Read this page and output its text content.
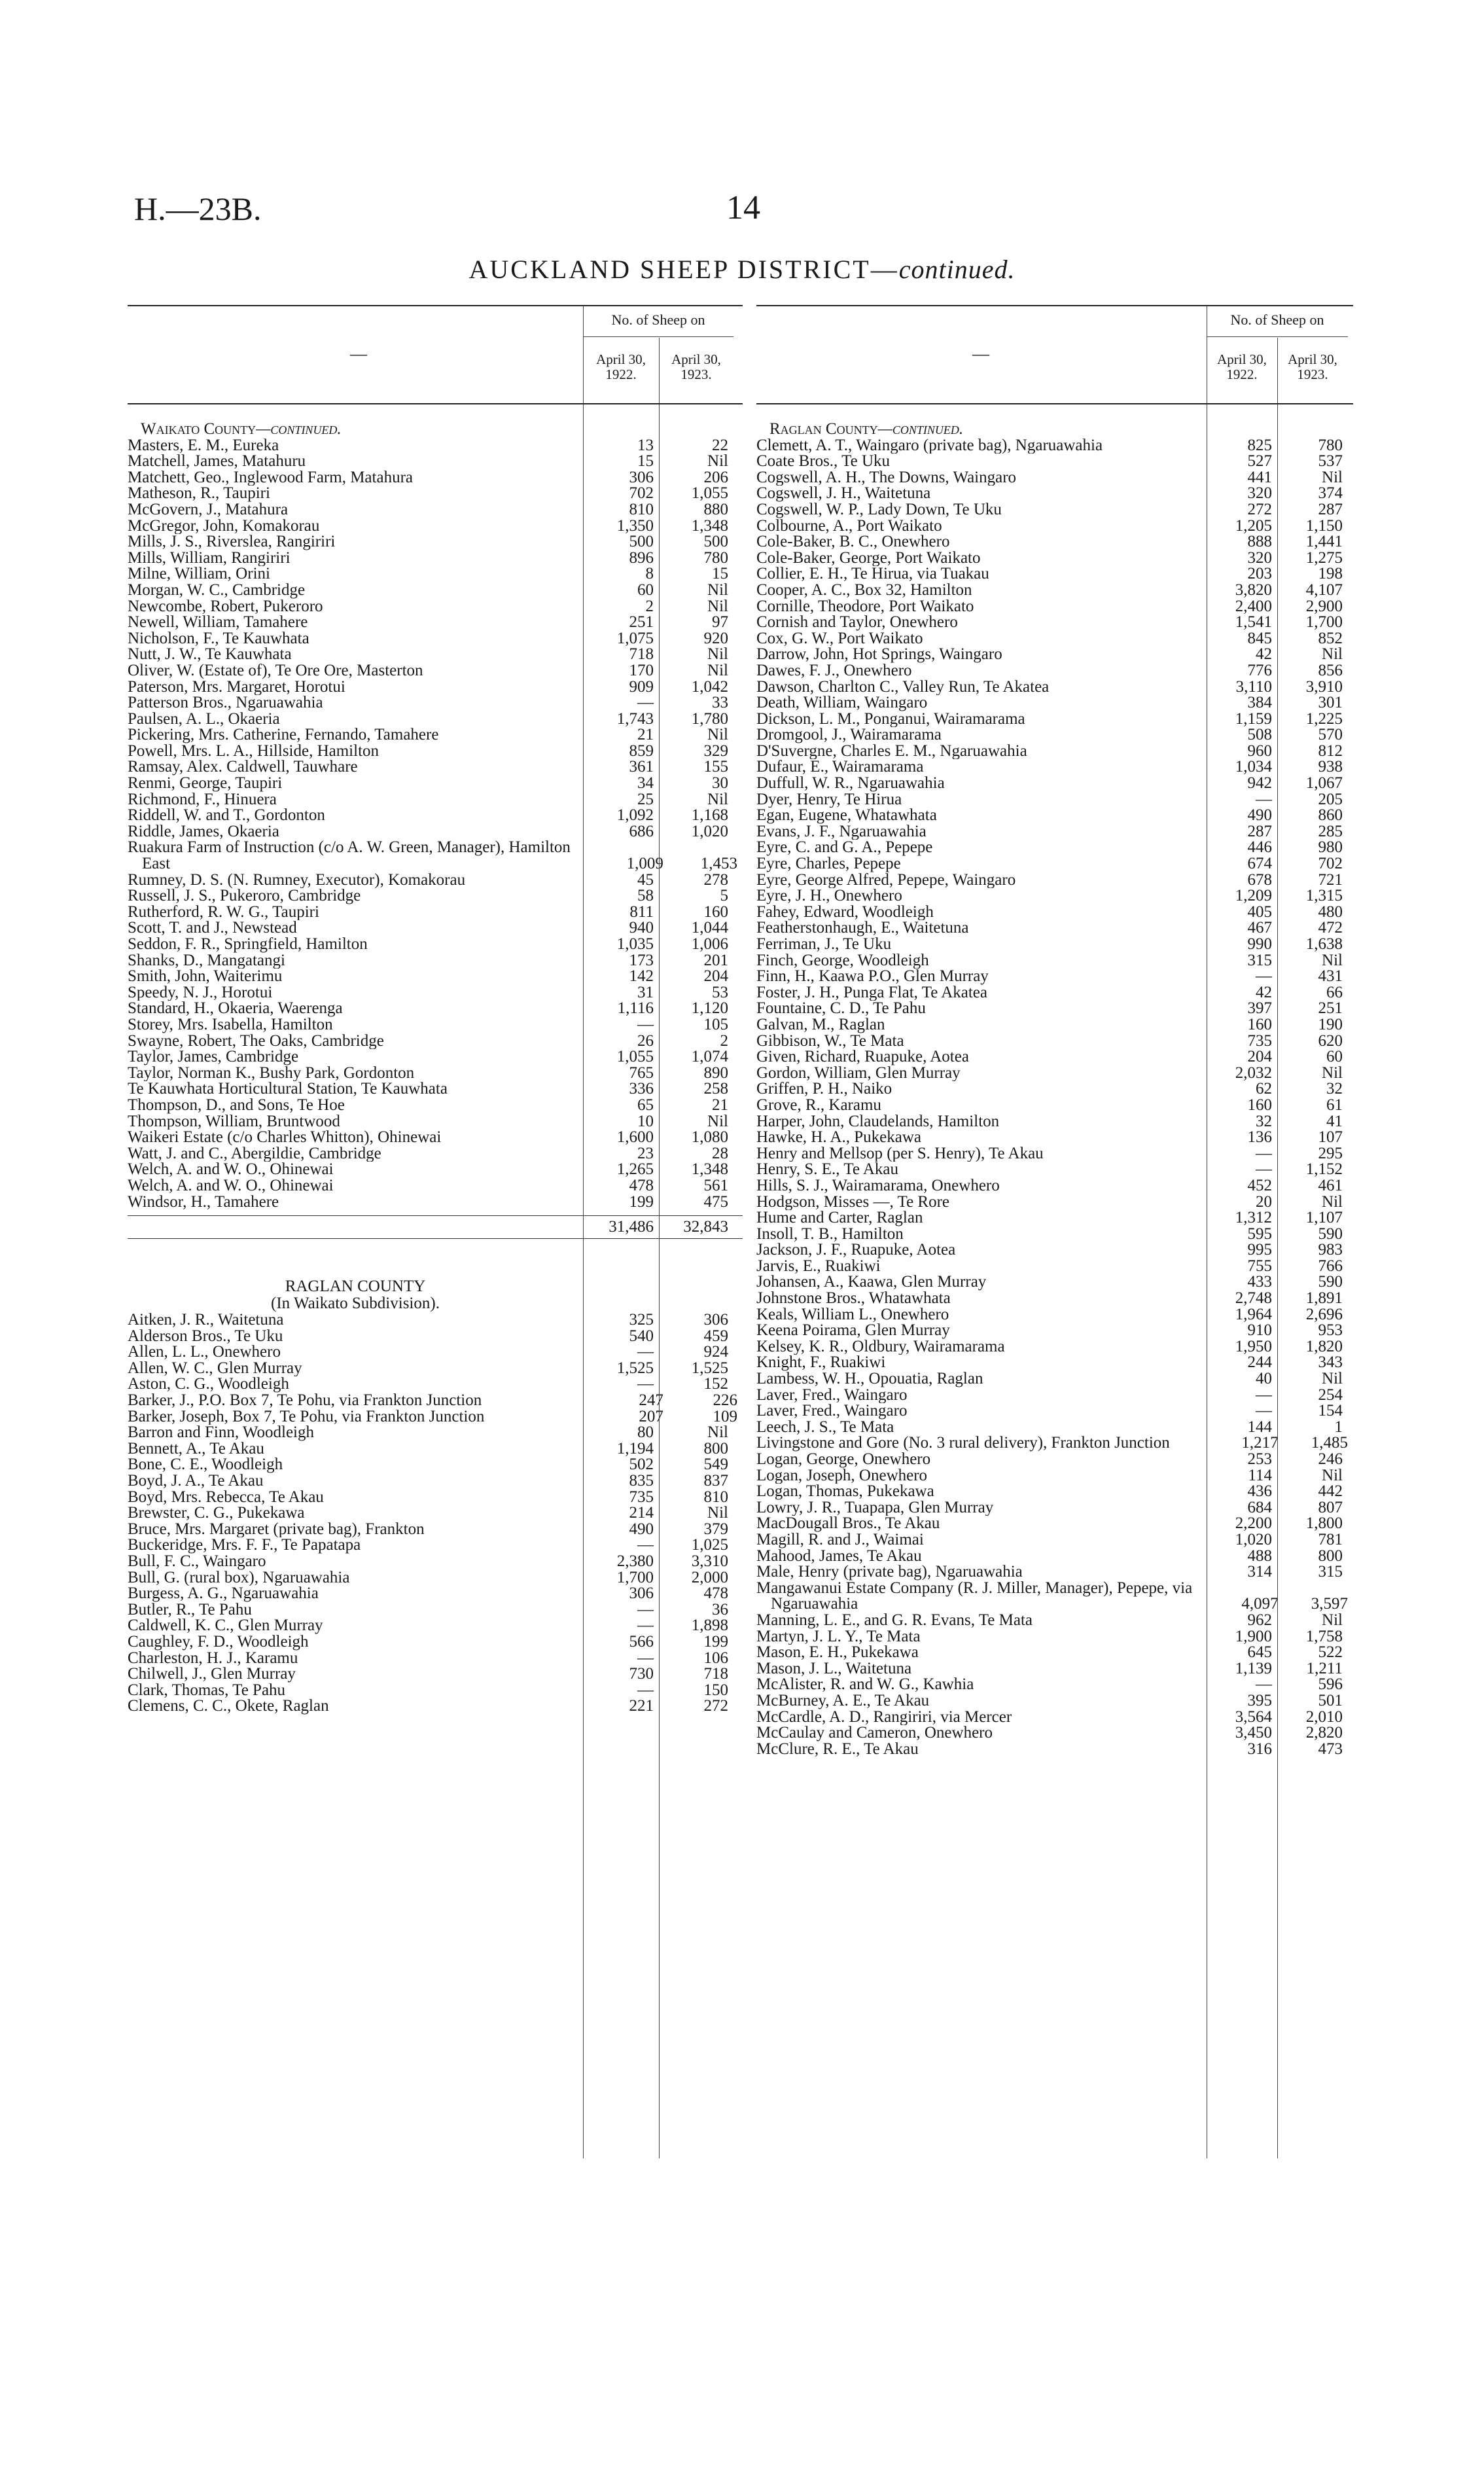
H.—23B.	14
AUCKLAND SHEEP DISTRICT—continued.
—
No. of Sheep on
April 30, 1922.
April 30, 1923.
Waikato County—continued.
Masters, E. M., Eureka	13	22
Matchell, James, Matahuru	15	Nil
Matchett, Geo., Inglewood Farm, Matahura	306	206
Matheson, R., Taupiri	702	1,055
McGovern, J., Matahura	810	880
McGregor, John, Komakorau	1,350	1,348
Mills, J. S., Riverslea, Rangiriri	500	500
Mills, William, Rangiriri	896	780
Milne, William, Orini	8	15
Morgan, W. C., Cambridge	60	Nil
Newcombe, Robert, Pukeroro	2	Nil
Newell, William, Tamahere	251	97
Nicholson, F., Te Kauwhata	1,075	920
Nutt, J. W., Te Kauwhata	718	Nil
Oliver, W. (Estate of), Te Ore Ore, Masterton	170	Nil
Paterson, Mrs. Margaret, Horotui	909	1,042
Patterson Bros., Ngaruawahia	—	33
Paulsen, A. L., Okaeria	1,743	1,780
Pickering, Mrs. Catherine, Fernando, Tamahere	21	Nil
Powell, Mrs. L. A., Hillside, Hamilton	859	329
Ramsay, Alex. Caldwell, Tauwhare	361	155
Renmi, George, Taupiri	34	30
Richmond, F., Hinuera	25	Nil
Riddell, W. and T., Gordonton	1,092	1,168
Riddle, James, Okaeria	686	1,020
Ruakura Farm of Instruction (c/o A. W. Green, Manager), Hamilton East	1,009	1,453
Rumney, D. S. (N. Rumney, Executor), Komakorau	45	278
Russell, J. S., Pukeroro, Cambridge	58	5
Rutherford, R. W. G., Taupiri	811	160
Scott, T. and J., Newstead	940	1,044
Seddon, F. R., Springfield, Hamilton	1,035	1,006
Shanks, D., Mangatangi	173	201
Smith, John, Waiterimu	142	204
Speedy, N. J., Horotui	31	53
Standard, H., Okaeria, Waerenga	1,116	1,120
Storey, Mrs. Isabella, Hamilton	—	105
Swayne, Robert, The Oaks, Cambridge	26	2
Taylor, James, Cambridge	1,055	1,074
Taylor, Norman K., Bushy Park, Gordonton	765	890
Te Kauwhata Horticultural Station, Te Kauwhata	336	258
Thompson, D., and Sons, Te Hoe	65	21
Thompson, William, Bruntwood	10	Nil
Waikeri Estate (c/o Charles Whitton), Ohinewai	1,600	1,080
Watt, J. and C., Abergildie, Cambridge	23	28
Welch, A. and W. O., Ohinewai	1,265	1,348
Welch, A. and W. O., Ohinewai	478	561
Windsor, H., Tamahere	199	475
31,486	32,843
RAGLAN COUNTY
(In Waikato Subdivision).
Aitken, J. R., Waitetuna	325	306
Alderson Bros., Te Uku	540	459
Allen, L. L., Onewhero	—	924
Allen, W. C., Glen Murray	1,525	1,525
Aston, C. G., Woodleigh	—	152
Barker, J., P.O. Box 7, Te Pohu, via Frankton Junction	247	226
Barker, Joseph, Box 7, Te Pohu, via Frankton Junction	207	109
Barron and Finn, Woodleigh	80	Nil
Bennett, A., Te Akau	1,194	800
Bone, C. E., Woodleigh	502	549
Boyd, J. A., Te Akau	835	837
Boyd, Mrs. Rebecca, Te Akau	735	810
Brewster, C. G., Pukekawa	214	Nil
Bruce, Mrs. Margaret (private bag), Frankton	490	379
Buckeridge, Mrs. F. F., Te Papatapa	—	1,025
Bull, F. C., Waingaro	2,380	3,310
Bull, G. (rural box), Ngaruawahia	1,700	2,000
Burgess, A. G., Ngaruawahia	306	478
Butler, R., Te Pahu	—	36
Caldwell, K. C., Glen Murray	—	1,898
Caughley, F. D., Woodleigh	566	199
Charleston, H. J., Karamu	—	106
Chilwell, J., Glen Murray	730	718
Clark, Thomas, Te Pahu	—	150
Clemens, C. C., Okete, Raglan	221	272
—
No. of Sheep on
April 30, 1922.
April 30, 1923.
Raglan County—continued.
Clemett, A. T., Waingaro (private bag), Ngaruawahia	825	780
Coate Bros., Te Uku	527	537
Cogswell, A. H., The Downs, Waingaro	441	Nil
Cogswell, J. H., Waitetuna	320	374
Cogswell, W. P., Lady Down, Te Uku	272	287
Colbourne, A., Port Waikato	1,205	1,150
Cole-Baker, B. C., Onewhero	888	1,441
Cole-Baker, George, Port Waikato	320	1,275
Collier, E. H., Te Hirua, via Tuakau	203	198
Cooper, A. C., Box 32, Hamilton	3,820	4,107
Cornille, Theodore, Port Waikato	2,400	2,900
Cornish and Taylor, Onewhero	1,541	1,700
Cox, G. W., Port Waikato	845	852
Darrow, John, Hot Springs, Waingaro	42	Nil
Dawes, F. J., Onewhero	776	856
Dawson, Charlton C., Valley Run, Te Akatea	3,110	3,910
Death, William, Waingaro	384	301
Dickson, L. M., Ponganui, Wairamarama	1,159	1,225
Dromgool, J., Wairamarama	508	570
D'Suvergne, Charles E. M., Ngaruawahia	960	812
Dufaur, E., Wairamarama	1,034	938
Duffull, W. R., Ngaruawahia	942	1,067
Dyer, Henry, Te Hirua	—	205
Egan, Eugene, Whatawhata	490	860
Evans, J. F., Ngaruawahia	287	285
Eyre, C. and G. A., Pepepe	446	980
Eyre, Charles, Pepepe	674	702
Eyre, George Alfred, Pepepe, Waingaro	678	721
Eyre, J. H., Onewhero	1,209	1,315
Fahey, Edward, Woodleigh	405	480
Featherstonhaugh, E., Waitetuna	467	472
Ferriman, J., Te Uku	990	1,638
Finch, George, Woodleigh	315	Nil
Finn, H., Kaawa P.O., Glen Murray	—	431
Foster, J. H., Punga Flat, Te Akatea	42	66
Fountaine, C. D., Te Pahu	397	251
Galvan, M., Raglan	160	190
Gibbison, W., Te Mata	735	620
Given, Richard, Ruapuke, Aotea	204	60
Gordon, William, Glen Murray	2,032	Nil
Griffen, P. H., Naiko	62	32
Grove, R., Karamu	160	61
Harper, John, Claudelands, Hamilton	32	41
Hawke, H. A., Pukekawa	136	107
Henry and Mellsop (per S. Henry), Te Akau	—	295
Henry, S. E., Te Akau	—	1,152
Hills, S. J., Wairamarama, Onewhero	452	461
Hodgson, Misses —, Te Rore	20	Nil
Hume and Carter, Raglan	1,312	1,107
Insoll, T. B., Hamilton	595	590
Jackson, J. F., Ruapuke, Aotea	995	983
Jarvis, E., Ruakiwi	755	766
Johansen, A., Kaawa, Glen Murray	433	590
Johnstone Bros., Whatawhata	2,748	1,891
Keals, William L., Onewhero	1,964	2,696
Keena Poirama, Glen Murray	910	953
Kelsey, K. R., Oldbury, Wairamarama	1,950	1,820
Knight, F., Ruakiwi	244	343
Lambess, W. H., Opouatia, Raglan	40	Nil
Laver, Fred., Waingaro	—	254
Laver, Fred., Waingaro	—	154
Leech, J. S., Te Mata	144	1
Livingstone and Gore (No. 3 rural delivery), Frankton Junction	1,217	1,485
Logan, George, Onewhero	253	246
Logan, Joseph, Onewhero	114	Nil
Logan, Thomas, Pukekawa	436	442
Lowry, J. R., Tuapapa, Glen Murray	684	807
MacDougall Bros., Te Akau	2,200	1,800
Magill, R. and J., Waimai	1,020	781
Mahood, James, Te Akau	488	800
Male, Henry (private bag), Ngaruawahia	314	315
Mangawanui Estate Company (R. J. Miller, Manager), Pepepe, via Ngaruawahia	4,097	3,597
Manning, L. E., and G. R. Evans, Te Mata	962	Nil
Martyn, J. L. Y., Te Mata	1,900	1,758
Mason, E. H., Pukekawa	645	522
Mason, J. L., Waitetuna	1,139	1,211
McAlister, R. and W. G., Kawhia	—	596
McBurney, A. E., Te Akau	395	501
McCardle, A. D., Rangiriri, via Mercer	3,564	2,010
McCaulay and Cameron, Onewhero	3,450	2,820
McClure, R. E., Te Akau	316	473
